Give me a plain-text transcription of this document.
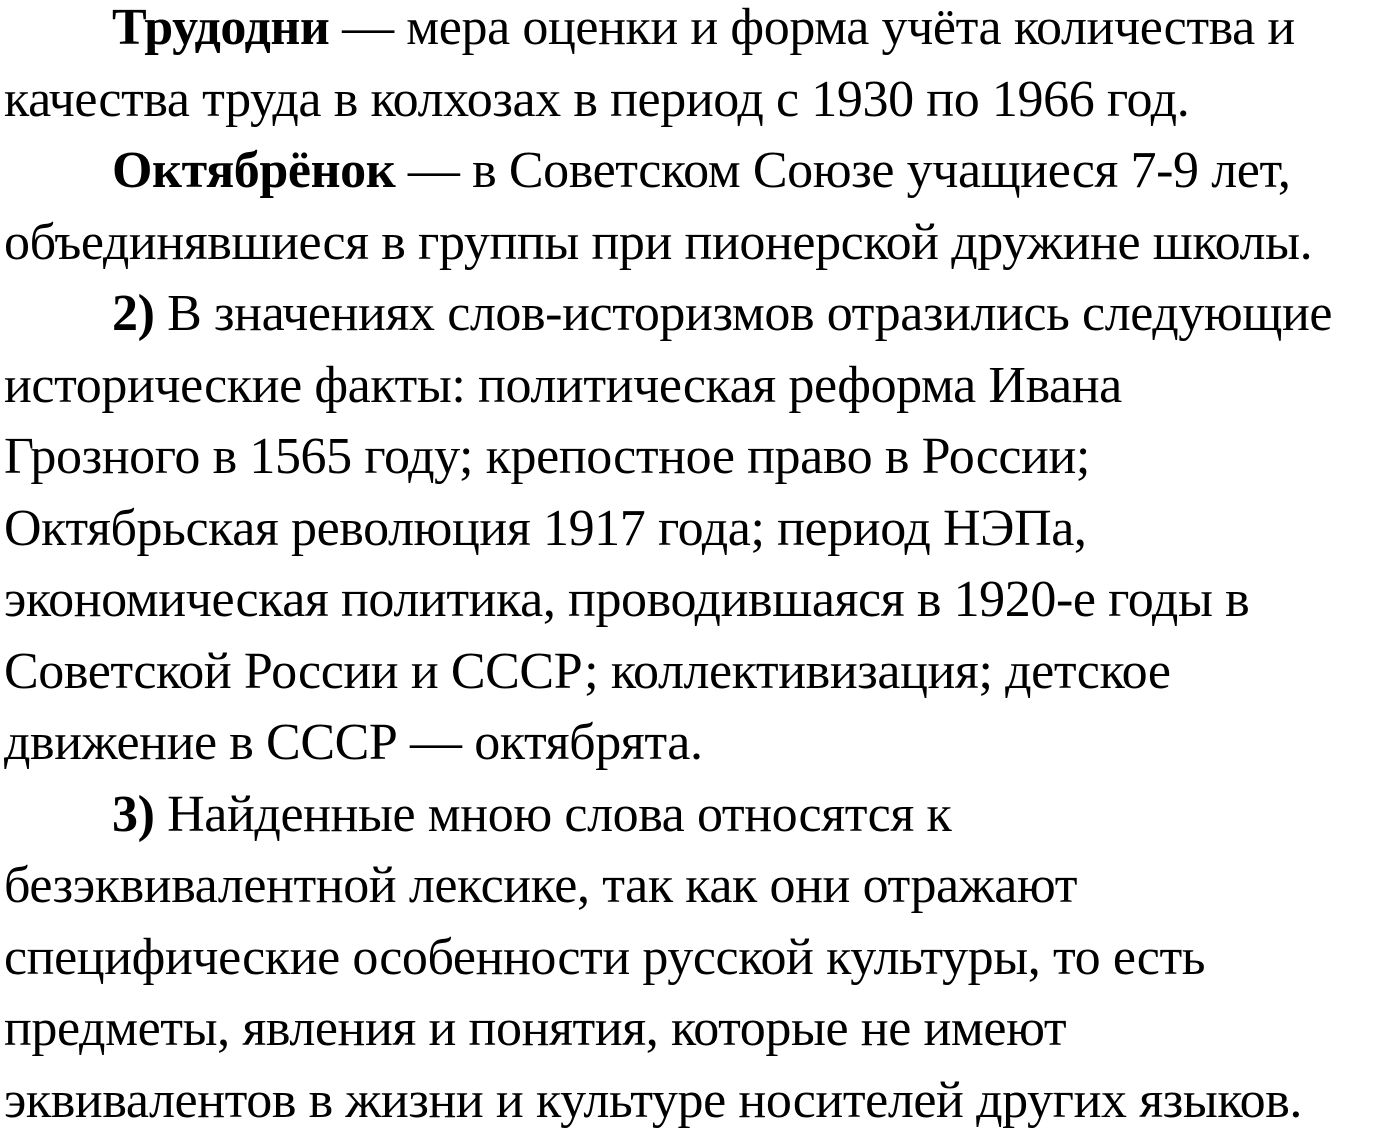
Трудодни — мера оценки и форма учёта количества и
качества труда в колхозах в период с 1930 по 1966 год.
Октябрёнок — в Советском Союзе учащиеся 7-9 лет,
объединявшиеся в группы при пионерской дружине школы.
2) В значениях слов-историзмов отразились следующие
исторические факты: политическая реформа Ивана
Грозного в 1565 году; крепостное право в России;
Октябрьская революция 1917 года; период НЭПа,
экономическая политика, проводившаяся в 1920-е годы в
Советской России и СССР; коллективизация; детское
движение в СССР — октябрята.
3) Найденные мною слова относятся к
безэквивалентной лексике, так как они отражают
специфические особенности русской культуры, то есть
предметы, явления и понятия, которые не имеют
эквивалентов в жизни и культуре носителей других языков.
